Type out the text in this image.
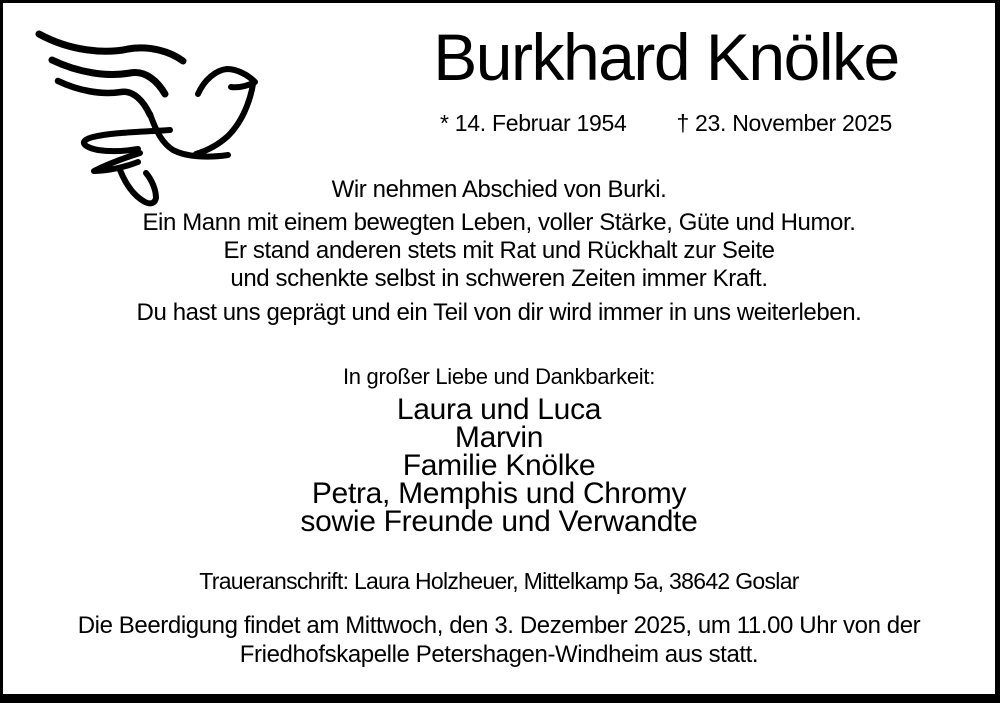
Burkhard Knölke
* 14. Februar 1954 † 23. November 2025
Wir nehmen Abschied von Burki.
Ein Mann mit einem bewegten Leben, voller Stärke, Güte und Humor.
Er stand anderen stets mit Rat und Rückhalt zur Seite
und schenkte selbst in schweren Zeiten immer Kraft.
Du hast uns geprägt und ein Teil von dir wird immer in uns weiterleben.
In großer Liebe und Dankbarkeit:
Laura und Luca
Marvin
Familie Knölke
Petra, Memphis und Chromy
sowie Freunde und Verwandte
Traueranschrift: Laura Holzheuer, Mittelkamp 5a, 38642 Goslar
Die Beerdigung findet am Mittwoch, den 3. Dezember 2025, um 11.00 Uhr von der
Friedhofskapelle Petershagen-Windheim aus statt.
